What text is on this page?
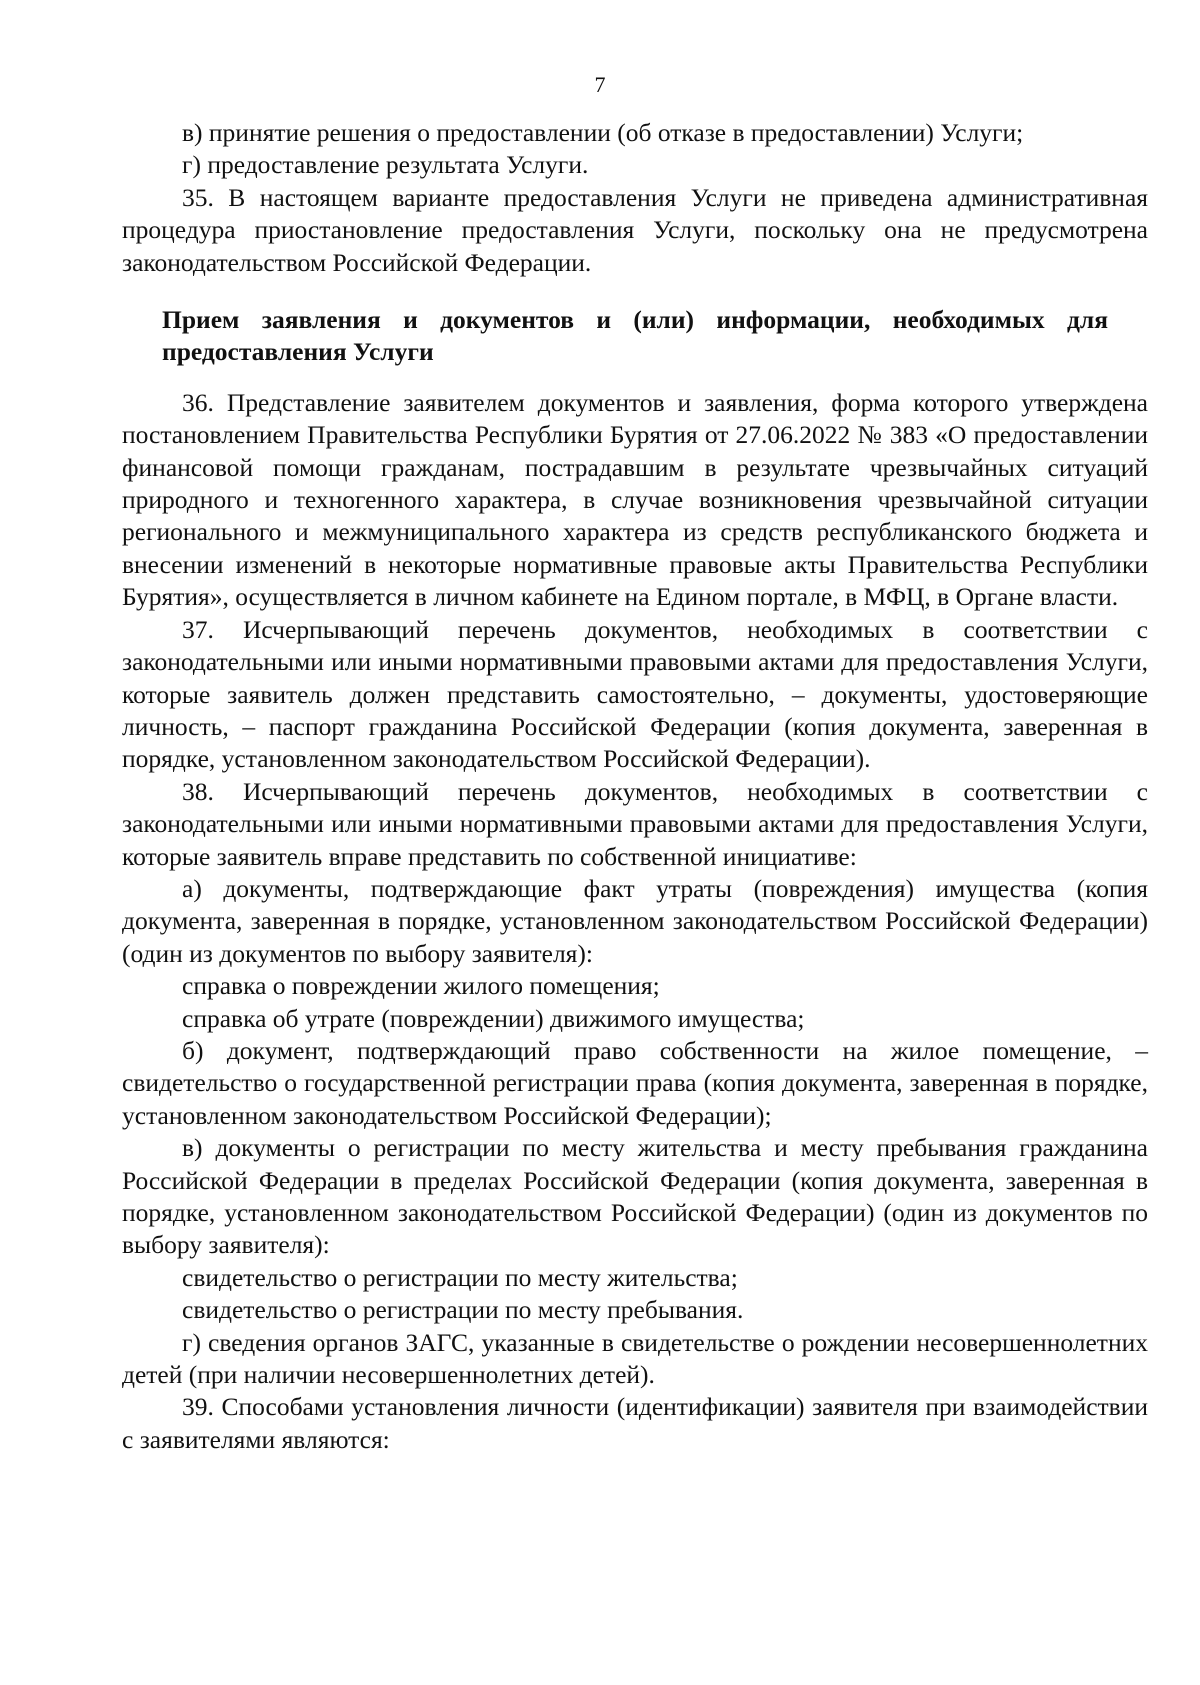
7

в) принятие решения о предоставлении (об отказе в предоставлении) Услуги;

г) предоставление результата Услуги.

35. В настоящем варианте предоставления Услуги не приведена административная процедура приостановление предоставления Услуги, поскольку она не предусмотрена законодательством Российской Федерации.

Прием заявления и документов и (или) информации, необходимых для предоставления Услуги

36. Представление заявителем документов и заявления, форма которого утверждена постановлением Правительства Республики Бурятия от 27.06.2022 № 383 «О предоставлении финансовой помощи гражданам, пострадавшим в результате чрезвычайных ситуаций природного и техногенного характера, в случае возникновения чрезвычайной ситуации регионального и межмуниципального характера из средств республиканского бюджета и внесении изменений в некоторые нормативные правовые акты Правительства Республики Бурятия», осуществляется в личном кабинете на Едином портале, в МФЦ, в Органе власти.

37. Исчерпывающий перечень документов, необходимых в соответствии с законодательными или иными нормативными правовыми актами для предоставления Услуги, которые заявитель должен представить самостоятельно, – документы, удостоверяющие личность, – паспорт гражданина Российской Федерации (копия документа, заверенная в порядке, установленном законодательством Российской Федерации).

38. Исчерпывающий перечень документов, необходимых в соответствии с законодательными или иными нормативными правовыми актами для предоставления Услуги, которые заявитель вправе представить по собственной инициативе:

а) документы, подтверждающие факт утраты (повреждения) имущества (копия документа, заверенная в порядке, установленном законодательством Российской Федерации) (один из документов по выбору заявителя):

справка о повреждении жилого помещения;

справка об утрате (повреждении) движимого имущества;

б) документ, подтверждающий право собственности на жилое помещение, – свидетельство о государственной регистрации права (копия документа, заверенная в порядке, установленном законодательством Российской Федерации);

в) документы о регистрации по месту жительства и месту пребывания гражданина Российской Федерации в пределах Российской Федерации (копия документа, заверенная в порядке, установленном законодательством Российской Федерации) (один из документов по выбору заявителя):

свидетельство о регистрации по месту жительства;

свидетельство о регистрации по месту пребывания.

г) сведения органов ЗАГС, указанные в свидетельстве о рождении несовершеннолетних детей (при наличии несовершеннолетних детей).

39. Способами установления личности (идентификации) заявителя при взаимодействии с заявителями являются:
